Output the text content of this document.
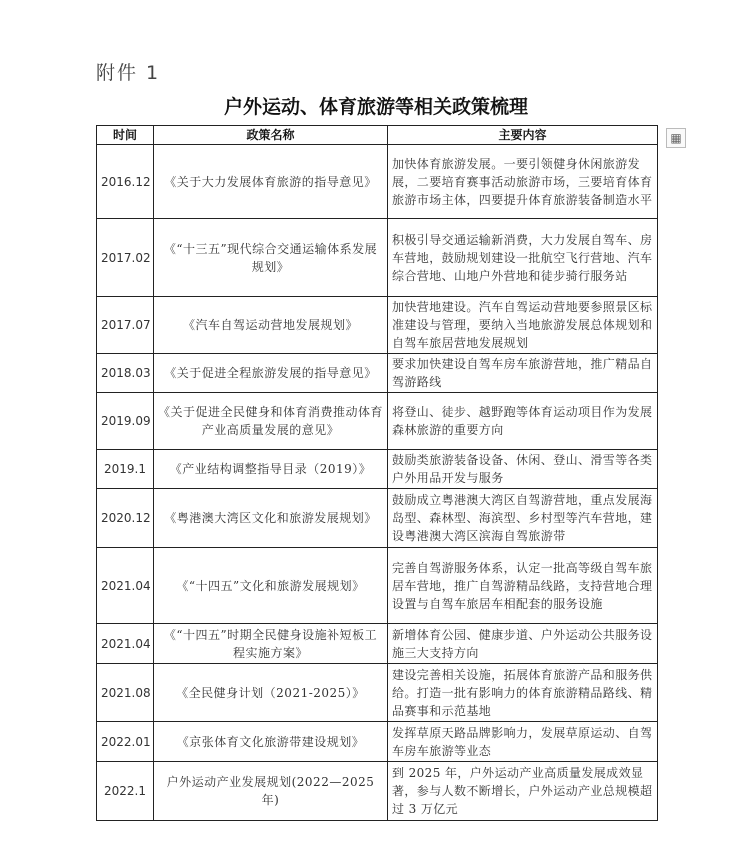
附件 1
户外运动、体育旅游等相关政策梳理
时间	政策名称	主要内容
2016.12	《关于大力发展体育旅游的指导意见》	加快体育旅游发展。一要引领健身休闲旅游发展，二要培育赛事活动旅游市场，三要培育体育旅游市场主体，四要提升体育旅游装备制造水平
2017.02	《“十三五”现代综合交通运输体系发展规划》	积极引导交通运输新消费，大力发展自驾车、房车营地，鼓励规划建设一批航空飞行营地、汽车综合营地、山地户外营地和徒步骑行服务站
2017.07	《汽车自驾运动营地发展规划》	加快营地建设。汽车自驾运动营地要参照景区标准建设与管理，要纳入当地旅游发展总体规划和自驾车旅居营地发展规划
2018.03	《关于促进全程旅游发展的指导意见》	要求加快建设自驾车房车旅游营地，推广精品自驾游路线
2019.09	《关于促进全民健身和体育消费推动体育产业高质量发展的意见》	将登山、徒步、越野跑等体育运动项目作为发展森林旅游的重要方向
2019.1	《产业结构调整指导目录（2019）》	鼓励类旅游装备设备、休闲、登山、滑雪等各类户外用品开发与服务
2020.12	《粤港澳大湾区文化和旅游发展规划》	鼓励成立粤港澳大湾区自驾游营地，重点发展海岛型、森林型、海滨型、乡村型等汽车营地，建设粤港澳大湾区滨海自驾旅游带
2021.04	《“十四五”文化和旅游发展规划》	完善自驾游服务体系，认定一批高等级自驾车旅居车营地，推广自驾游精品线路，支持营地合理设置与自驾车旅居车相配套的服务设施
2021.04	《“十四五”时期全民健身设施补短板工程实施方案》	新增体育公园、健康步道、户外运动公共服务设施三大支持方向
2021.08	《全民健身计划（2021-2025）》	建设完善相关设施，拓展体育旅游产品和服务供给。打造一批有影响力的体育旅游精品路线、精品赛事和示范基地
2022.01	《京张体育文化旅游带建设规划》	发挥草原天路品牌影响力，发展草原运动、自驾车房车旅游等业态
2022.1	户外运动产业发展规划(2022—2025年)	到 2025 年，户外运动产业高质量发展成效显著，参与人数不断增长，户外运动产业总规模超过 3 万亿元
▦
